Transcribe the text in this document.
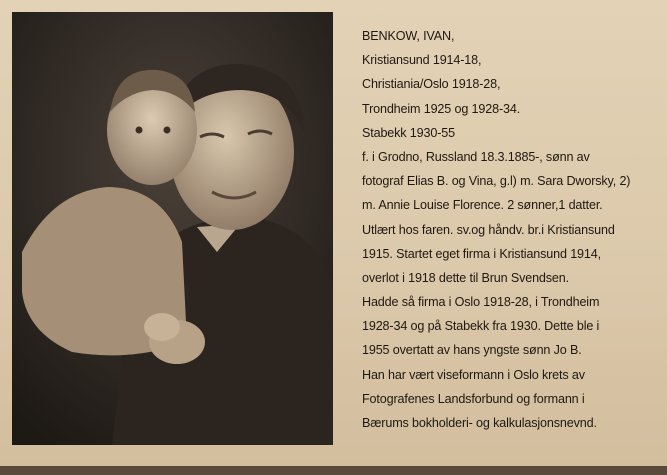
BENKOW, IVAN,
Kristiansund 1914-18,
Christiania/Oslo 1918-28,
Trondheim 1925 og 1928-34.
Stabekk 1930-55
f. i Grodno, Russland 18.3.1885-, sønn av
fotograf Elias B. og Vina, g.l) m. Sara Dworsky, 2)
m. Annie Louise Florence. 2 sønner,1 datter.
Utlært hos faren. sv.og håndv. br.i Kristiansund
1915. Startet eget firma i Kristiansund 1914,
overlot i 1918 dette til Brun Svendsen.
Hadde så firma i Oslo 1918-28, i Trondheim
1928-34 og på Stabekk fra 1930. Dette ble i
1955 overtatt av hans yngste sønn Jo B.
Han har vært viseformann i Oslo krets av
Fotografenes Landsforbund og formann i
Bærums bokholderi- og kalkulasjonsnevnd.
